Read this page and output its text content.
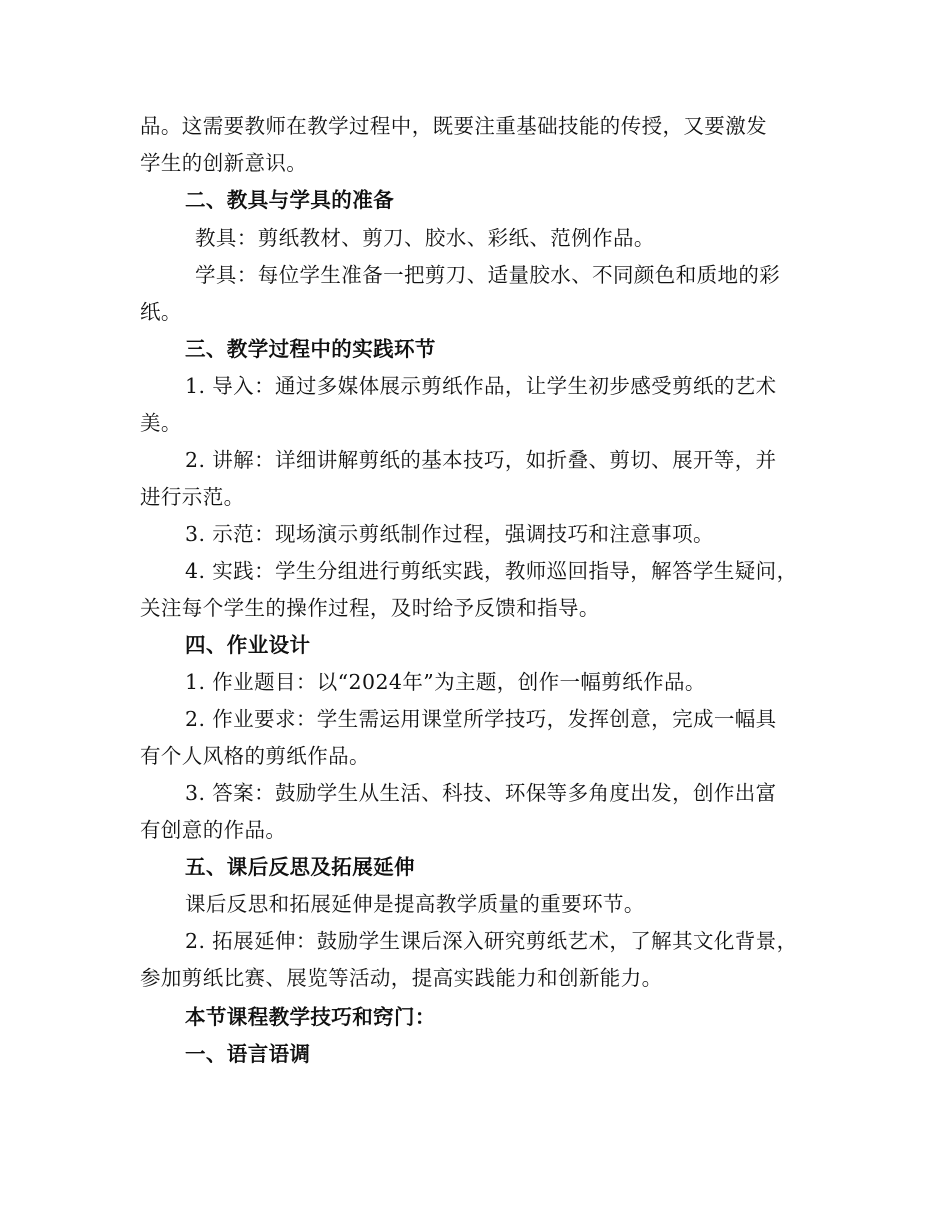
品。这需要教师在教学过程中，既要注重基础技能的传授，又要激发
学生的创新意识。
二、教具与学具的准备
教具：剪纸教材、剪刀、胶水、彩纸、范例作品。
学具：每位学生准备一把剪刀、适量胶水、不同颜色和质地的彩
纸。
三、教学过程中的实践环节
1. 导入：通过多媒体展示剪纸作品，让学生初步感受剪纸的艺术
美。
2. 讲解：详细讲解剪纸的基本技巧，如折叠、剪切、展开等，并
进行示范。
3. 示范：现场演示剪纸制作过程，强调技巧和注意事项。
4. 实践：学生分组进行剪纸实践，教师巡回指导，解答学生疑问，
关注每个学生的操作过程，及时给予反馈和指导。
四、作业设计
1. 作业题目：以“2024年”为主题，创作一幅剪纸作品。
2. 作业要求：学生需运用课堂所学技巧，发挥创意，完成一幅具
有个人风格的剪纸作品。
3. 答案：鼓励学生从生活、科技、环保等多角度出发，创作出富
有创意的作品。
五、课后反思及拓展延伸
课后反思和拓展延伸是提高教学质量的重要环节。
2. 拓展延伸：鼓励学生课后深入研究剪纸艺术，了解其文化背景，
参加剪纸比赛、展览等活动，提高实践能力和创新能力。
本节课程教学技巧和窍门：
一、语言语调
